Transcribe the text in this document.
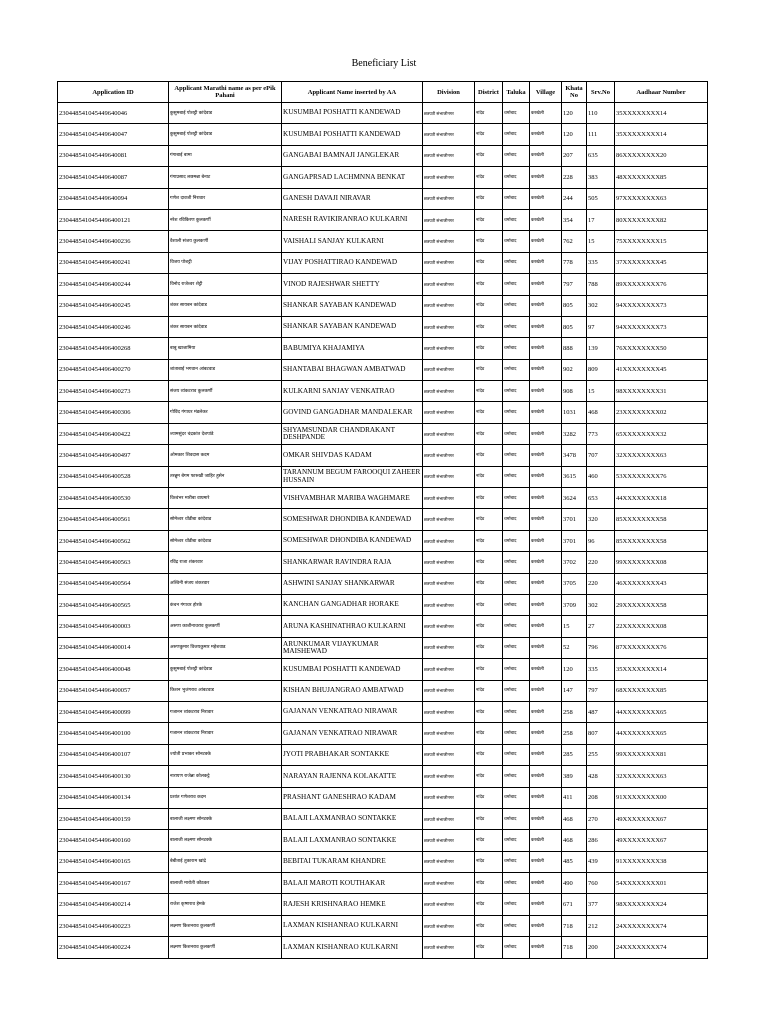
Beneficiary List
Application ID	Applicant Marathi name as per ePik Pahani	Applicant Name inserted by AA	Division	District	Taluka	Village	Khata No	Srv.No	Aadhaar Number
230448541045449640046	कुसुमबाई पोशट्टी कांदेवाड	KUSUMBAI POSHATTI KANDEWAD	छत्रपती संभाजीनगर	नांदेड	धर्माबाद	करखेली	120	110	35XXXXXXXX14
230448541045449640047	कुसुमबाई पोशट्टी कांदेवाड	KUSUMBAI POSHATTI KANDEWAD	छत्रपती संभाजीनगर	नांदेड	धर्माबाद	करखेली	120	111	35XXXXXXXX14
230448541045449640081	गंगाबाई बामा	GANGABAI BAMNAJI JANGLEKAR	छत्रपती संभाजीनगर	नांदेड	धर्माबाद	करखेली	207	635	86XXXXXXXX20
230448541045449640087	गंगाप्रसाद लछमन्ना बेनाट	GANGAPRSAD LACHMNNA BENKAT	छत्रपती संभाजीनगर	नांदेड	धर्माबाद	करखेली	228	383	48XXXXXXXX85
230448541045449640094	गणेश दावजी निरावार	GANESH DAVAJI NIRAVAR	छत्रपती संभाजीनगर	नांदेड	धर्माबाद	करखेली	244	505	97XXXXXXXX63
2304485410454496400121	नरेश रविकिरण कुलकर्णी	NARESH RAVIKIRANRAO KULKARNI	छत्रपती संभाजीनगर	नांदेड	धर्माबाद	करखेली	354	17	80XXXXXXXX82
2304485410454496400236	वैशाली संजय कुलकर्णी	VAISHALI SANJAY KULKARNI	छत्रपती संभाजीनगर	नांदेड	धर्माबाद	करखेली	762	15	75XXXXXXXX15
2304485410454496400241	विजय पोशट्टी	VIJAY POSHATTIRAO KANDEWAD	छत्रपती संभाजीनगर	नांदेड	धर्माबाद	करखेली	778	335	37XXXXXXXX45
2304485410454496400244	विनोद राजेश्वर शेट्टी	VINOD RAJESHWAR SHETTY	छत्रपती संभाजीनगर	नांदेड	धर्माबाद	करखेली	797	788	89XXXXXXXX76
2304485410454496400245	शंकर सायबन कांदेवाड	SHANKAR SAYABAN KANDEWAD	छत्रपती संभाजीनगर	नांदेड	धर्माबाद	करखेली	805	302	94XXXXXXXX73
2304485410454496400246	शंकर सायबन कांदेवाड	SHANKAR SAYABAN KANDEWAD	छत्रपती संभाजीनगर	नांदेड	धर्माबाद	करखेली	805	97	94XXXXXXXX73
2304485410454496400268	बाबु खाजामिया	BABUMIYA KHAJAMIYA	छत्रपती संभाजीनगर	नांदेड	धर्माबाद	करखेली	888	139	76XXXXXXXX50
2304485410454496400270	शांताबाई भगवान आंबटवाड	SHANTABAI BHAGWAN AMBATWAD	छत्रपती संभाजीनगर	नांदेड	धर्माबाद	करखेली	902	809	41XXXXXXXX45
2304485410454496400273	संजय व्यंकटराव कुलकर्णी	KULKARNI SANJAY VENKATRAO	छत्रपती संभाजीनगर	नांदेड	धर्माबाद	करखेली	908	15	98XXXXXXXX31
2304485410454496400306	गोविंद गंगाधर मंडलेकर	GOVIND GANGADHAR MANDALEKAR	छत्रपती संभाजीनगर	नांदेड	धर्माबाद	करखेली	1031	468	23XXXXXXXX02
2304485410454496400422	श्यामसुंदर चंद्रकांत देशपांडे	SHYAMSUNDAR CHANDRAKANT DESHPANDE	छत्रपती संभाजीनगर	नांदेड	धर्माबाद	करखेली	3282	773	65XXXXXXXX32
2304485410454496400497	ओमकार शिवदास कदम	OMKAR SHIVDAS KADAM	छत्रपती संभाजीनगर	नांदेड	धर्माबाद	करखेली	3478	707	32XXXXXXXX63
2304485410454496400528	तरन्नुम बेगम फारुखी जाहिर हुसेन	TARANNUM BEGUM FAROOQUI ZAHEER HUSSAIN	छत्रपती संभाजीनगर	नांदेड	धर्माबाद	करखेली	3615	460	53XXXXXXXX76
2304485410454496400530	विश्वंभर मारीबा वाघमारे	VISHVAMBHAR MARIBA WAGHMARE	छत्रपती संभाजीनगर	नांदेड	धर्माबाद	करखेली	3624	653	44XXXXXXXX18
2304485410454496400561	सोमेश्वर धोंडीबा कांदेवाड	SOMESHWAR DHONDIBA KANDEWAD	छत्रपती संभाजीनगर	नांदेड	धर्माबाद	करखेली	3701	320	85XXXXXXXX58
2304485410454496400562	सोमेश्वर धोंडीबा कांदेवाड	SOMESHWAR DHONDIBA KANDEWAD	छत्रपती संभाजीनगर	नांदेड	धर्माबाद	करखेली	3701	96	85XXXXXXXX58
2304485410454496400563	रविंद्र राजा शंकरवार	SHANKARWAR RAVINDRA RAJA	छत्रपती संभाजीनगर	नांदेड	धर्माबाद	करखेली	3702	220	99XXXXXXXX08
2304485410454496400564	अश्विनी संजय शंकरवार	ASHWINI SANJAY SHANKARWAR	छत्रपती संभाजीनगर	नांदेड	धर्माबाद	करखेली	3705	220	46XXXXXXXX43
2304485410454496400565	कंचन गंगाधर होरके	KANCHAN GANGADHAR HORAKE	छत्रपती संभाजीनगर	नांदेड	धर्माबाद	करखेली	3709	302	29XXXXXXXX58
2304485410454496400003	अरुणा काशीनाथराव कुलकर्णी	ARUNA KASHINATHRAO KULKARNI	छत्रपती संभाजीनगर	नांदेड	धर्माबाद	करखेली	15	27	22XXXXXXXX08
2304485410454496400014	अरुणकुमार विजयकुमार महेशवाड	ARUNKUMAR VIJAYKUMAR MAISHEWAD	छत्रपती संभाजीनगर	नांदेड	धर्माबाद	करखेली	52	796	87XXXXXXXX76
2304485410454496400048	कुसुमबाई पोशट्टी कांदेवाड	KUSUMBAI POSHATTI KANDEWAD	छत्रपती संभाजीनगर	नांदेड	धर्माबाद	करखेली	120	335	35XXXXXXXX14
2304485410454496400057	किशन भुजंगराव आंबटवाड	KISHAN BHUJANGRAO AMBATWAD	छत्रपती संभाजीनगर	नांदेड	धर्माबाद	करखेली	147	797	68XXXXXXXX85
2304485410454496400099	गजानन व्यंकटराव निरावार	GAJANAN VENKATRAO NIRAWAR	छत्रपती संभाजीनगर	नांदेड	धर्माबाद	करखेली	258	487	44XXXXXXXX65
2304485410454496400100	गजानन व्यंकटराव निरावार	GAJANAN VENKATRAO NIRAWAR	छत्रपती संभाजीनगर	नांदेड	धर्माबाद	करखेली	258	807	44XXXXXXXX65
2304485410454496400107	ज्योती प्रभाकर सोनटक्के	JYOTI PRABHAKAR SONTAKKE	छत्रपती संभाजीनगर	नांदेड	धर्माबाद	करखेली	285	255	99XXXXXXXX81
2304485410454496400130	नारायण राजेन्ना कोलकट्टे	NARAYAN RAJENNA KOLAKATTE	छत्रपती संभाजीनगर	नांदेड	धर्माबाद	करखेली	389	428	32XXXXXXXX63
2304485410454496400134	प्रशांत गणेशराव कदम	PRASHANT GANESHRAO KADAM	छत्रपती संभाजीनगर	नांदेड	धर्माबाद	करखेली	411	208	91XXXXXXXX00
2304485410454496400159	बालाजी लक्ष्मण सोनटक्के	BALAJI LAXMANRAO SONTAKKE	छत्रपती संभाजीनगर	नांदेड	धर्माबाद	करखेली	468	270	49XXXXXXXX67
2304485410454496400160	बालाजी लक्ष्मण सोनटक्के	BALAJI LAXMANRAO SONTAKKE	छत्रपती संभाजीनगर	नांदेड	धर्माबाद	करखेली	468	286	49XXXXXXXX67
2304485410454496400165	बेबीताई तुकाराम खांद्रे	BEBITAI TUKARAM KHANDRE	छत्रपती संभाजीनगर	नांदेड	धर्माबाद	करखेली	485	439	91XXXXXXXX38
2304485410454496400167	बालाजी मारोती कौठकर	BALAJI MAROTI KOUTHAKAR	छत्रपती संभाजीनगर	नांदेड	धर्माबाद	करखेली	490	760	54XXXXXXXX01
2304485410454496400214	राजेश कृष्णराव हेमके	RAJESH KRISHNARAO HEMKE	छत्रपती संभाजीनगर	नांदेड	धर्माबाद	करखेली	671	377	98XXXXXXXX24
2304485410454496400223	लक्ष्मण किशनराव कुलकर्णी	LAXMAN KISHANRAO KULKARNI	छत्रपती संभाजीनगर	नांदेड	धर्माबाद	करखेली	718	212	24XXXXXXXX74
2304485410454496400224	लक्ष्मण किशनराव कुलकर्णी	LAXMAN KISHANRAO KULKARNI	छत्रपती संभाजीनगर	नांदेड	धर्माबाद	करखेली	718	200	24XXXXXXXX74
